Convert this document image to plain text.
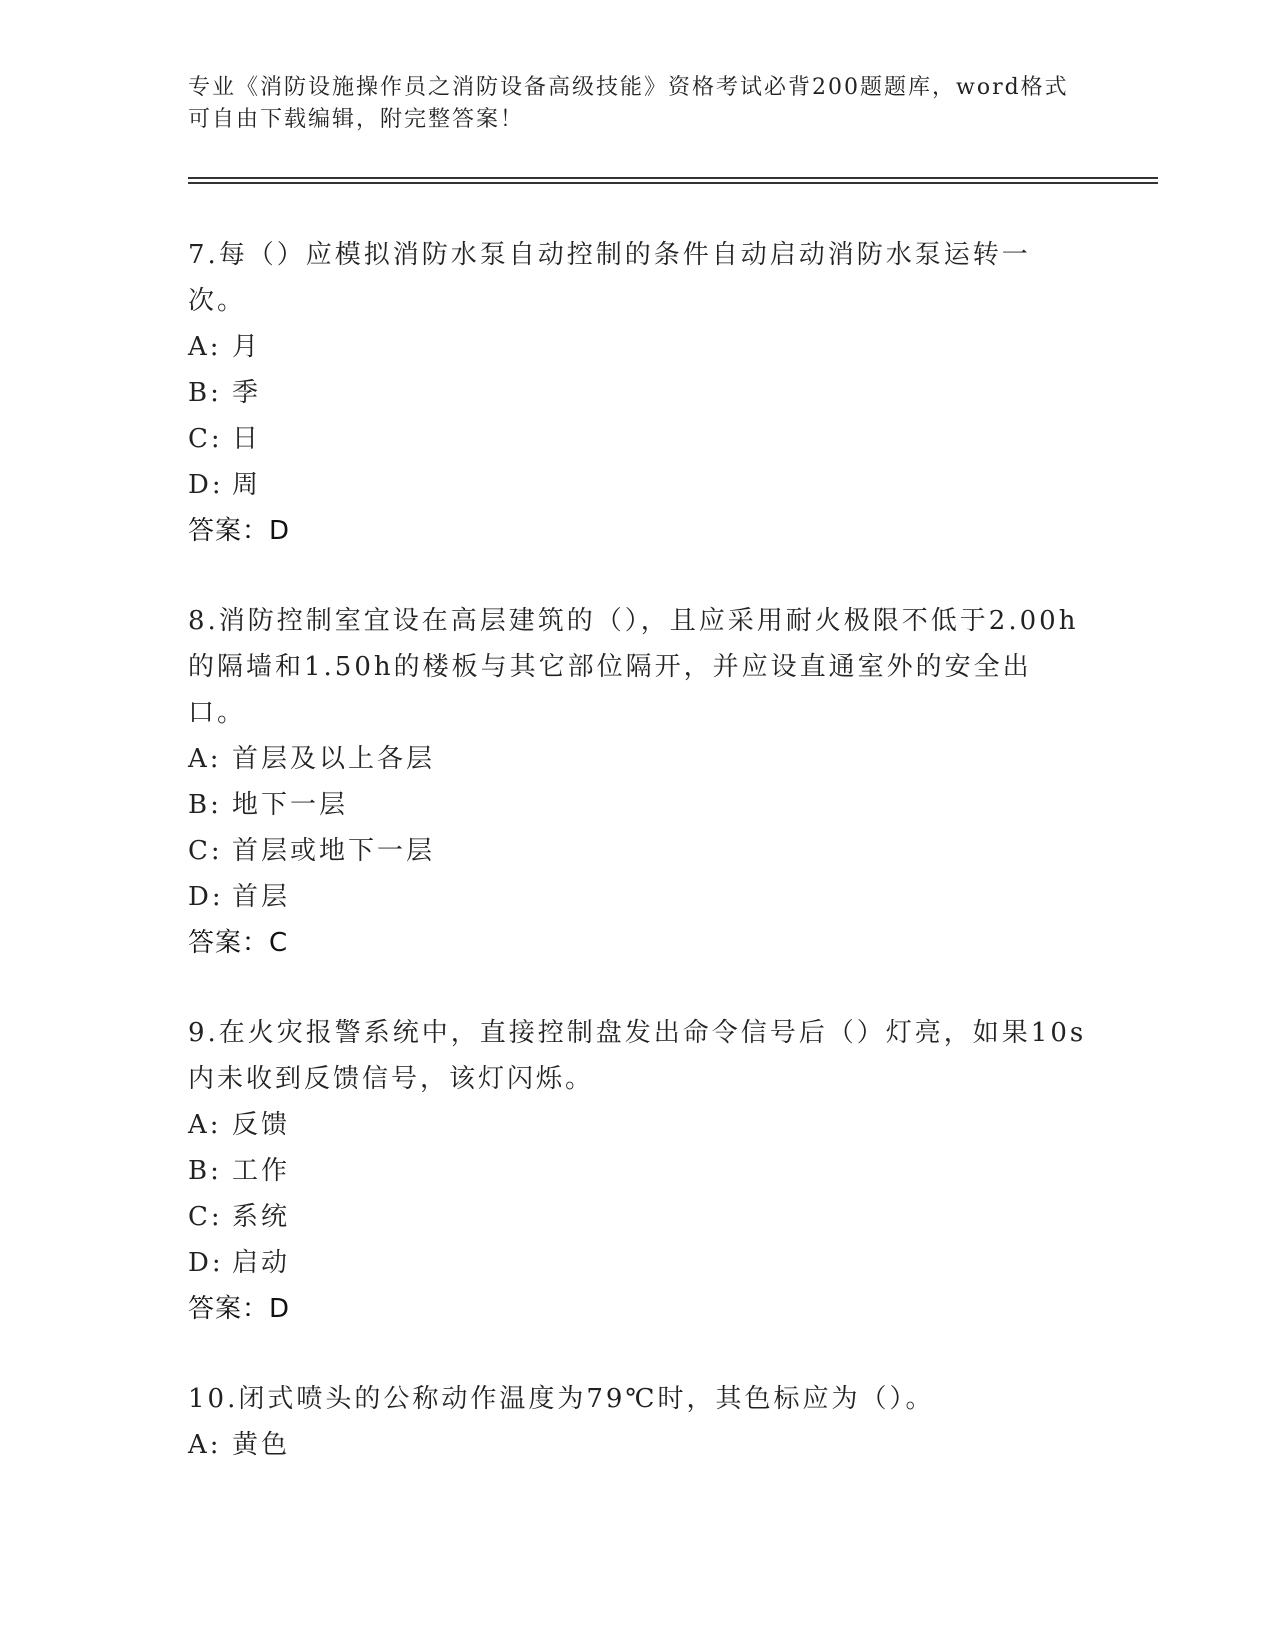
专业《消防设施操作员之消防设备高级技能》资格考试必背200题题库，word格式可自由下载编辑，附完整答案！

7.每（）应模拟消防水泵自动控制的条件自动启动消防水泵运转一次。

A: 月
B: 季
C: 日
D: 周

答案：D

8.消防控制室宜设在高层建筑的（），且应采用耐火极限不低于2.00h的隔墙和1.50h的楼板与其它部位隔开，并应设直通室外的安全出口。

A: 首层及以上各层
B: 地下一层
C: 首层或地下一层
D: 首层

答案：C

9.在火灾报警系统中，直接控制盘发出命令信号后（）灯亮，如果10s内未收到反馈信号，该灯闪烁。

A: 反馈
B: 工作
C: 系统
D: 启动

答案：D

10.闭式喷头的公称动作温度为79℃时，其色标应为（）。

A: 黄色
